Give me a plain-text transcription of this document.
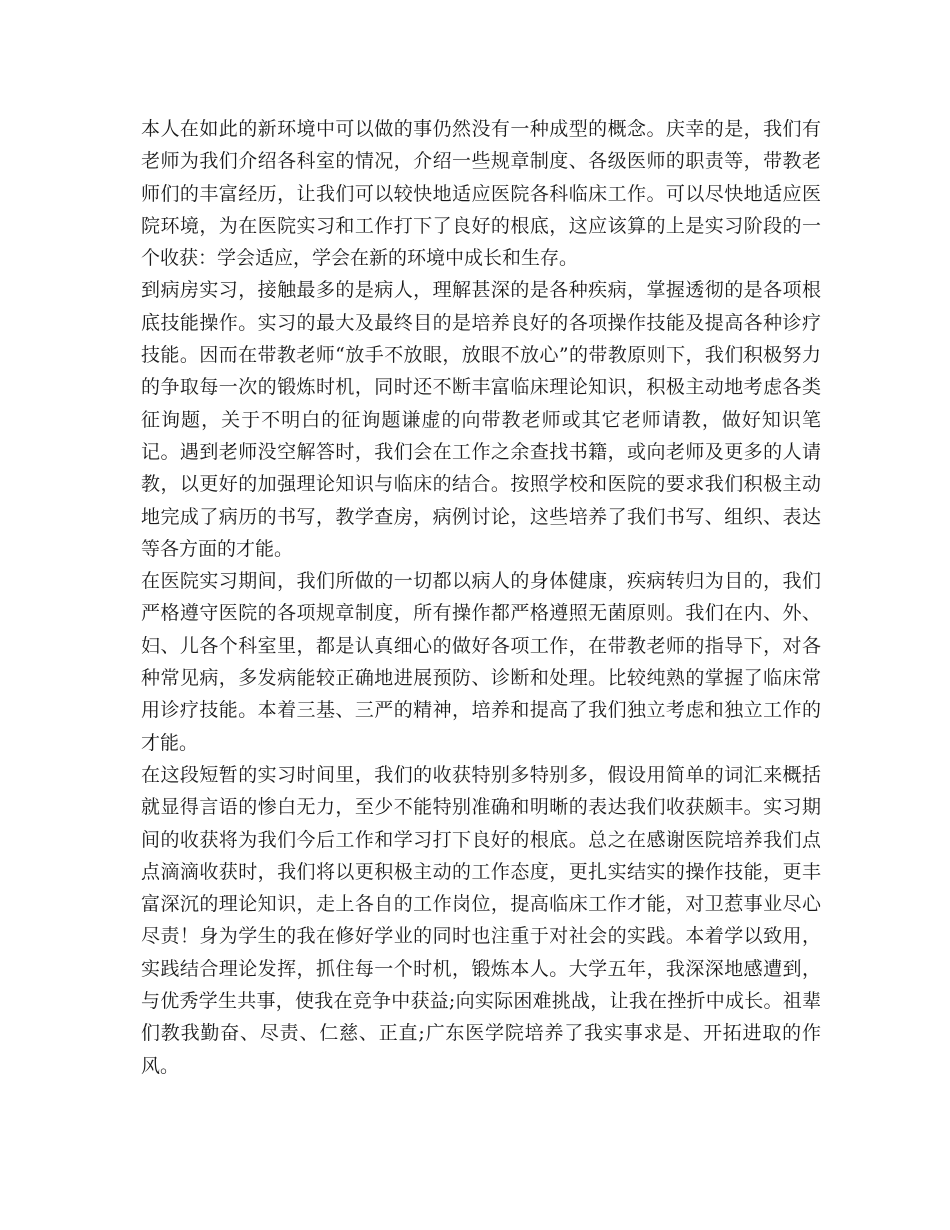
本人在如此的新环境中可以做的事仍然没有一种成型的概念。庆幸的是，我们有老师为我们介绍各科室的情况，介绍一些规章制度、各级医师的职责等，带教老师们的丰富经历，让我们可以较快地适应医院各科临床工作。可以尽快地适应医院环境，为在医院实习和工作打下了良好的根底，这应该算的上是实习阶段的一个收获：学会适应，学会在新的环境中成长和生存。

到病房实习，接触最多的是病人，理解甚深的是各种疾病，掌握透彻的是各项根底技能操作。实习的最大及最终目的是培养良好的各项操作技能及提高各种诊疗技能。因而在带教老师“放手不放眼，放眼不放心”的带教原则下，我们积极努力的争取每一次的锻炼时机，同时还不断丰富临床理论知识，积极主动地考虑各类征询题，关于不明白的征询题谦虚的向带教老师或其它老师请教，做好知识笔记。遇到老师没空解答时，我们会在工作之余查找书籍，或向老师及更多的人请教，以更好的加强理论知识与临床的结合。按照学校和医院的要求我们积极主动地完成了病历的书写，教学查房，病例讨论，这些培养了我们书写、组织、表达等各方面的才能。

在医院实习期间，我们所做的一切都以病人的身体健康，疾病转归为目的，我们严格遵守医院的各项规章制度，所有操作都严格遵照无菌原则。我们在内、外、妇、儿各个科室里，都是认真细心的做好各项工作，在带教老师的指导下，对各种常见病，多发病能较正确地进展预防、诊断和处理。比较纯熟的掌握了临床常用诊疗技能。本着三基、三严的精神，培养和提高了我们独立考虑和独立工作的才能。

在这段短暂的实习时间里，我们的收获特别多特别多，假设用简单的词汇来概括就显得言语的惨白无力，至少不能特别准确和明晰的表达我们收获颇丰。实习期间的收获将为我们今后工作和学习打下良好的根底。总之在感谢医院培养我们点点滴滴收获时，我们将以更积极主动的工作态度，更扎实结实的操作技能，更丰富深沉的理论知识，走上各自的工作岗位，提高临床工作才能，对卫惹事业尽心尽责！身为学生的我在修好学业的同时也注重于对社会的实践。本着学以致用，实践结合理论发挥，抓住每一个时机，锻炼本人。大学五年，我深深地感遭到，与优秀学生共事，使我在竞争中获益;向实际困难挑战，让我在挫折中成长。祖辈们教我勤奋、尽责、仁慈、正直;广东医学院培养了我实事求是、开拓进取的作风。
